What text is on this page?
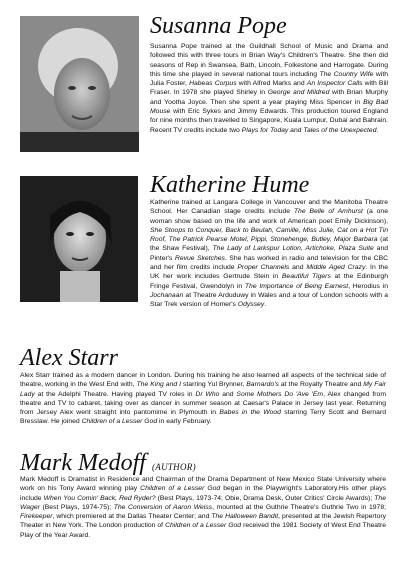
Susanna Pope

Susanna Pope trained at the Guildhall School of Music and Drama and followed this with three tours in Brian Way's Children's Theatre. She then did seasons of Rep in Swansea, Bath, Lincoln, Folkestone and Harrogate. During this time she played in several national tours including The Country Wife with Julia Foster, Habeas Corpus with Alfred Marks and An Inspector Calls with Bill Fraser. In 1978 she played Shirley in George and Mildred with Brian Murphy and Yootha Joyce. Then she spent a year playing Miss Spencer in Big Bad Mouse with Eric Sykes and Jimmy Edwards. This production toured England for nine months then travelled to Singapore, Kuala Lumpur, Dubai and Bahrain. Recent TV credits include two Plays for Today and Tales of the Unexpected.

Katherine Hume

Katherine trained at Langara College in Vancouver and the Manitoba Theatre School. Her Canadian stage credits include The Belle of Amhurst (a one woman show based on the life and work of American poet Emily Dickinson), She Stoops to Conquer, Back to Beulah, Camille, Miss Julie, Cat on a Hot Tin Roof, The Patrick Pearse Motel, Pippi, Stonehenge, Butley, Major Barbara (at the Shaw Festival), The Lady of Larkspur Lotion, Artichoke, Plaza Suite and Pinter's Revue Sketches. She has worked in radio and television for the CBC and her film credits include Proper Channels and Middle Aged Crazy. In the UK her work includes Gertrude Stein in Beautiful Tigers at the Edinburgh Fringe Festival, Gwendolyn in The Importance of Being Earnest, Herodius in Jochanaan at Theatre Arduduwy in Wales and a tour of London schools with a Star Trek version of Homer's Odyssey.

Alex Starr

Alex Starr trained as a modern dancer in London. During his training he also learned all aspects of the technical side of theatre, working in the West End with, The King and I starring Yul Brynner, Barnardo's at the Royalty Theatre and My Fair Lady at the Adelphi Theatre. Having played TV roles in Dr Who and Some Mothers Do 'Ave 'Em, Alex changed from theatre and TV to cabaret, taking over as dancer in summer season at Caesar's Palace in Jersey last year. Returning from Jersey Alex went straight into pantomime in Plymouth in Babes in the Wood starring Terry Scott and Bernard Bresslaw. He joined Children of a Lesser God in early February.

Mark Medoff (AUTHOR)

Mark Medoff is Dramatist in Residence and Chairman of the Drama Department of New Mexico State University where work on his Tony Award winning play Children of a Lesser God began in the Playwright's Laboratory.His other plays include When You Comin' Back, Red Ryder? (Best Plays, 1973-74; Obie, Drama Desk, Outer Critics' Circle Awards); The Wager (Best Plays, 1974-75); The Conversion of Aaron Weiss, mounted at the Guthrie Theatre's Guthrie Two in 1978; Firekeeper, which premiered at the Dallas Theater Center; and The Halloween Bandit, presented at the Jewish Repertory Theater in New York. The London production of Children of a Lesser God received the 1981 Society of West End Theatre Play of the Year Award.
